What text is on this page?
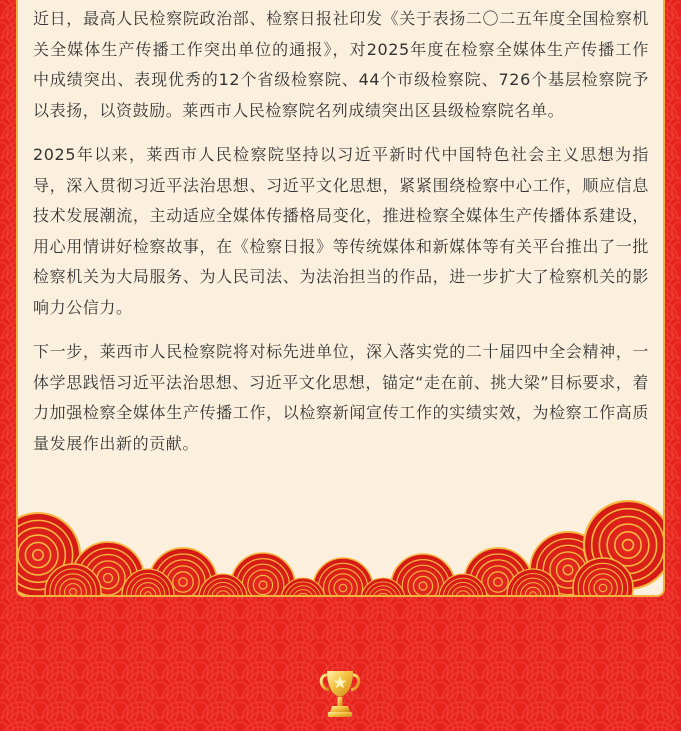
近日，最高人民检察院政治部、检察日报社印发《关于表扬二〇二五年度全国检察机关全媒体生产传播工作突出单位的通报》，对2025年度在检察全媒体生产传播工作中成绩突出、表现优秀的12个省级检察院、44个市级检察院、726个基层检察院予以表扬，以资鼓励。莱西市人民检察院名列成绩突出区县级检察院名单。

2025年以来，莱西市人民检察院坚持以习近平新时代中国特色社会主义思想为指导，深入贯彻习近平法治思想、习近平文化思想，紧紧围绕检察中心工作，顺应信息技术发展潮流，主动适应全媒体传播格局变化，推进检察全媒体生产传播体系建设，用心用情讲好检察故事，在《检察日报》等传统媒体和新媒体等有关平台推出了一批检察机关为大局服务、为人民司法、为法治担当的作品，进一步扩大了检察机关的影响力公信力。

下一步，莱西市人民检察院将对标先进单位，深入落实党的二十届四中全会精神，一体学思践悟习近平法治思想、习近平文化思想，锚定“走在前、挑大梁”目标要求，着力加强检察全媒体生产传播工作，以检察新闻宣传工作的实绩实效，为检察工作高质量发展作出新的贡献。
